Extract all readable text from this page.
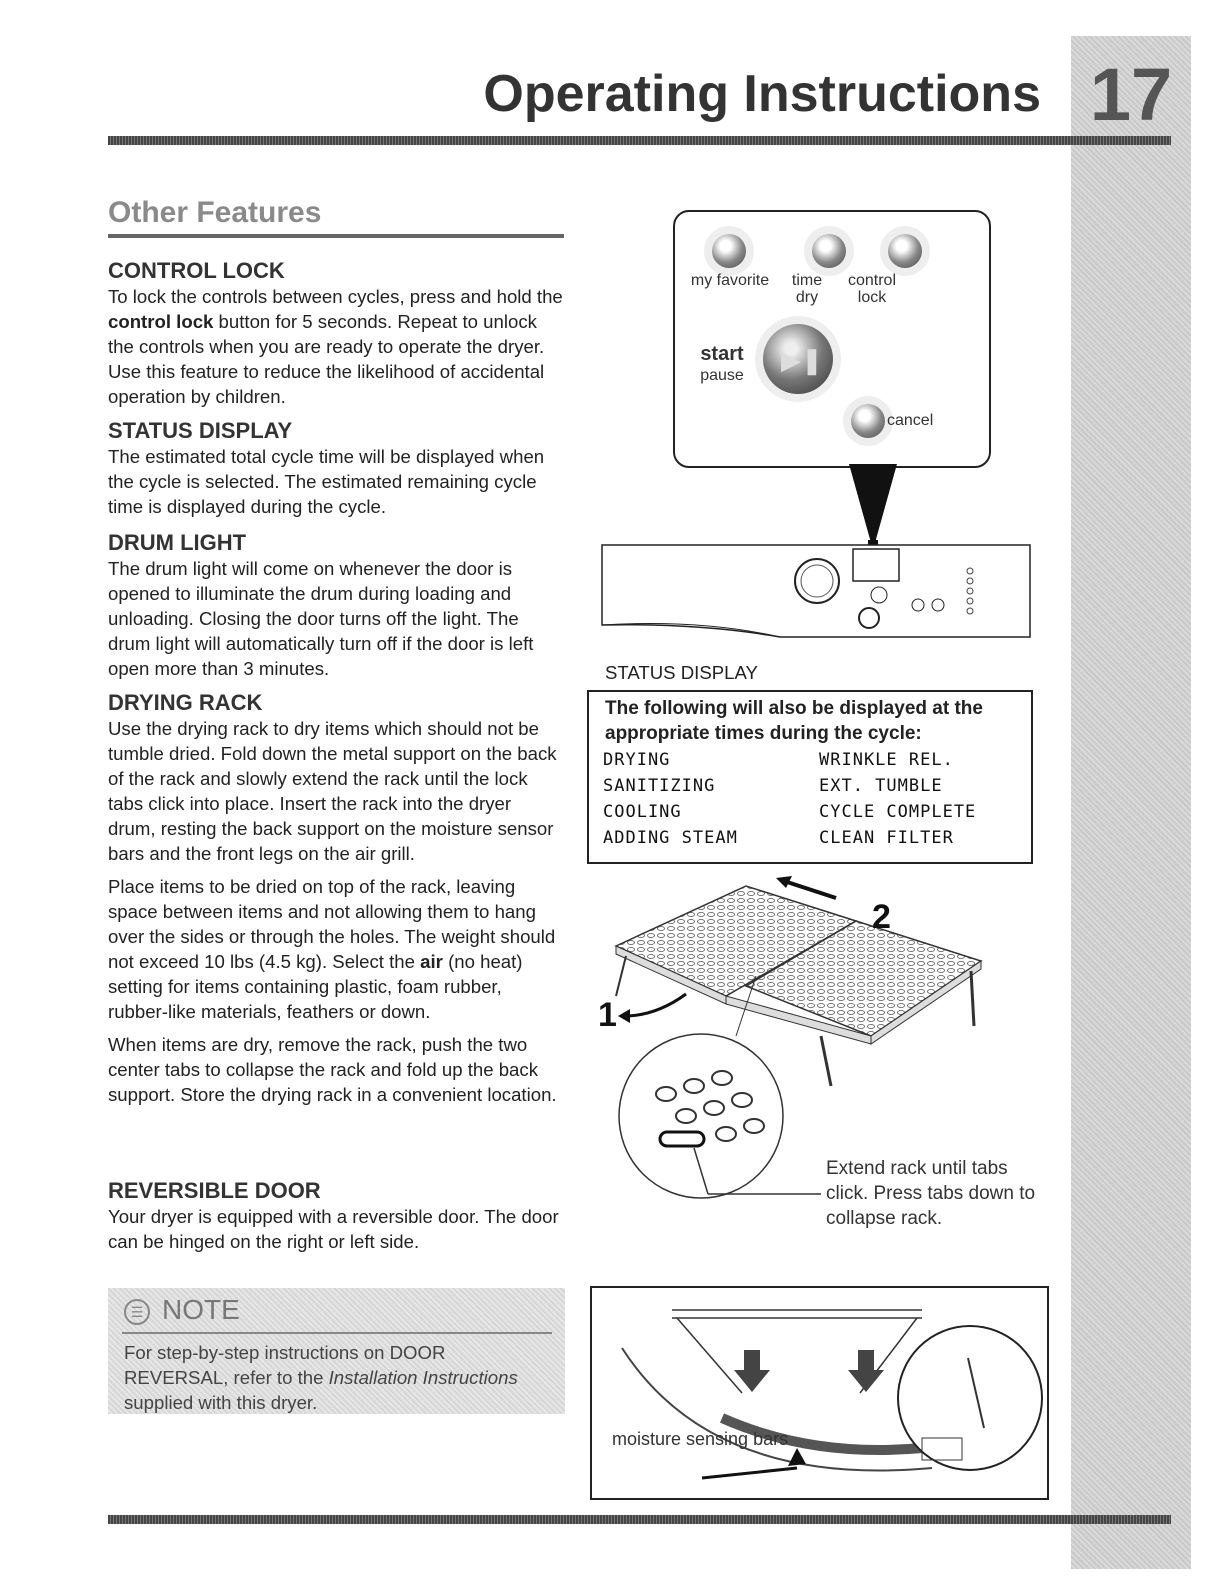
17
Operating Instructions
Other Features
CONTROL LOCK

To lock the controls between cycles, press and hold the control lock button for 5 seconds. Repeat to unlock the controls when you are ready to operate the dryer. Use this feature to reduce the likelihood of accidental operation by children.

STATUS DISPLAY

The estimated total cycle time will be displayed when the cycle is selected. The estimated remaining cycle time is displayed during the cycle.

DRUM LIGHT

The drum light will come on whenever the door is opened to illuminate the drum during loading and unloading. Closing the door turns off the light. The drum light will automatically turn off if the door is left open more than 3 minutes.

DRYING RACK

Use the drying rack to dry items which should not be tumble dried. Fold down the metal support on the back of the rack and slowly extend the rack until the lock tabs click into place. Insert the rack into the dryer drum, resting the back support on the moisture sensor bars and the front legs on the air grill.

Place items to be dried on top of the rack, leaving space between items and not allowing them to hang over the sides or through the holes. The weight should not exceed 10 lbs (4.5 kg). Select the air (no heat) setting for items containing plastic, foam rubber, rubber-like materials, feathers or down.

When items are dry, remove the rack, push the two center tabs to collapse the rack and fold up the back support. Store the drying rack in a convenient location.

REVERSIBLE DOOR

Your dryer is equipped with a reversible door. The door can be hinged on the right or left side.

☰ NOTE
For step-by-step instructions on DOOR REVERSAL, refer to the Installation Instructions supplied with this dryer.
my favorite	time dry
control lock
start
pause
▶❚
cancel
STATUS DISPLAY
The following will also be displayed at the appropriate times during the cycle:
DRYING
SANITIZING
COOLING
ADDING STEAM
WRINKLE REL.
EXT. TUMBLE
CYCLE COMPLETE
CLEAN FILTER
1
2
Extend rack until tabs click. Press tabs down to collapse rack.
moisture sensing bars
